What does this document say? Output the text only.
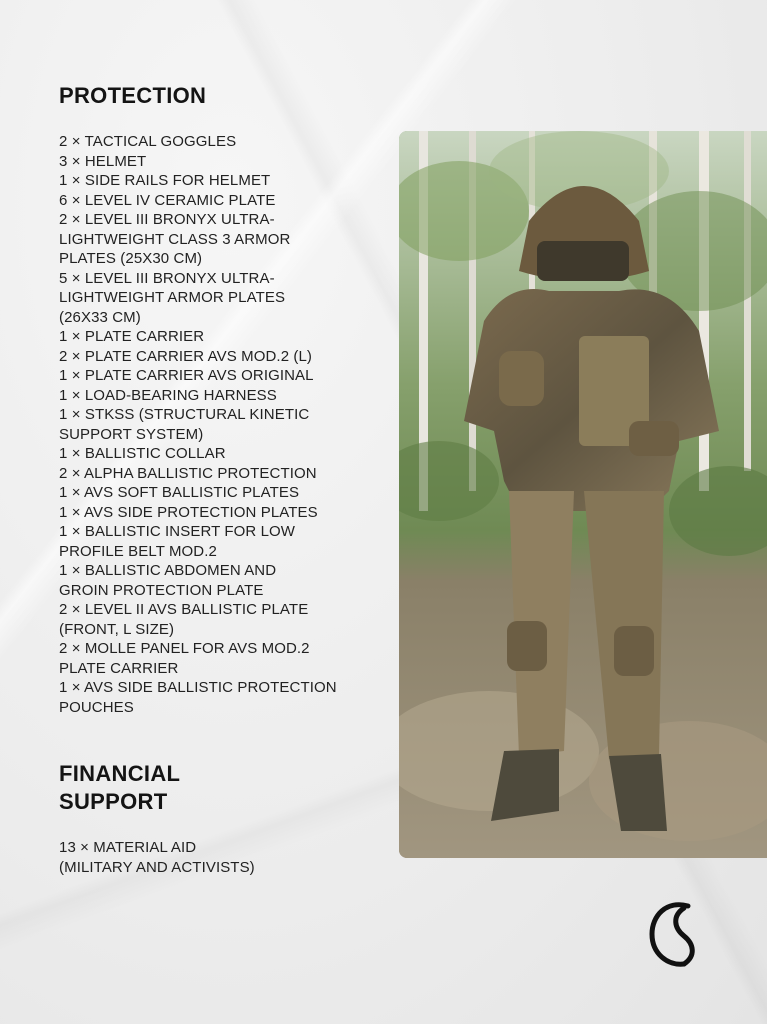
PROTECTION
2 × TACTICAL GOGGLES
3 × HELMET
1 × SIDE RAILS FOR HELMET
6 × LEVEL IV CERAMIC PLATE
2 × LEVEL III BRONYX ULTRA-
LIGHTWEIGHT CLASS 3 ARMOR
PLATES (25X30 CM)
5 × LEVEL III BRONYX ULTRA-
LIGHTWEIGHT ARMOR PLATES
(26X33 CM)
1 × PLATE CARRIER
2 × PLATE CARRIER AVS MOD.2 (L)
1 × PLATE CARRIER AVS ORIGINAL
1 × LOAD-BEARING HARNESS
1 × STKSS (STRUCTURAL KINETIC
SUPPORT SYSTEM)
1 × BALLISTIC COLLAR
2 × ALPHA BALLISTIC PROTECTION
1 × AVS SOFT BALLISTIC PLATES
1 × AVS SIDE PROTECTION PLATES
1 × BALLISTIC INSERT FOR LOW
PROFILE BELT MOD.2
1 × BALLISTIC ABDOMEN AND
GROIN PROTECTION PLATE
2 × LEVEL II AVS BALLISTIC PLATE
(FRONT, L SIZE)
2 × MOLLE PANEL FOR AVS MOD.2
PLATE CARRIER
1 × AVS SIDE BALLISTIC PROTECTION
POUCHES
FINANCIAL
SUPPORT
13 × MATERIAL AID
(MILITARY AND ACTIVISTS)
